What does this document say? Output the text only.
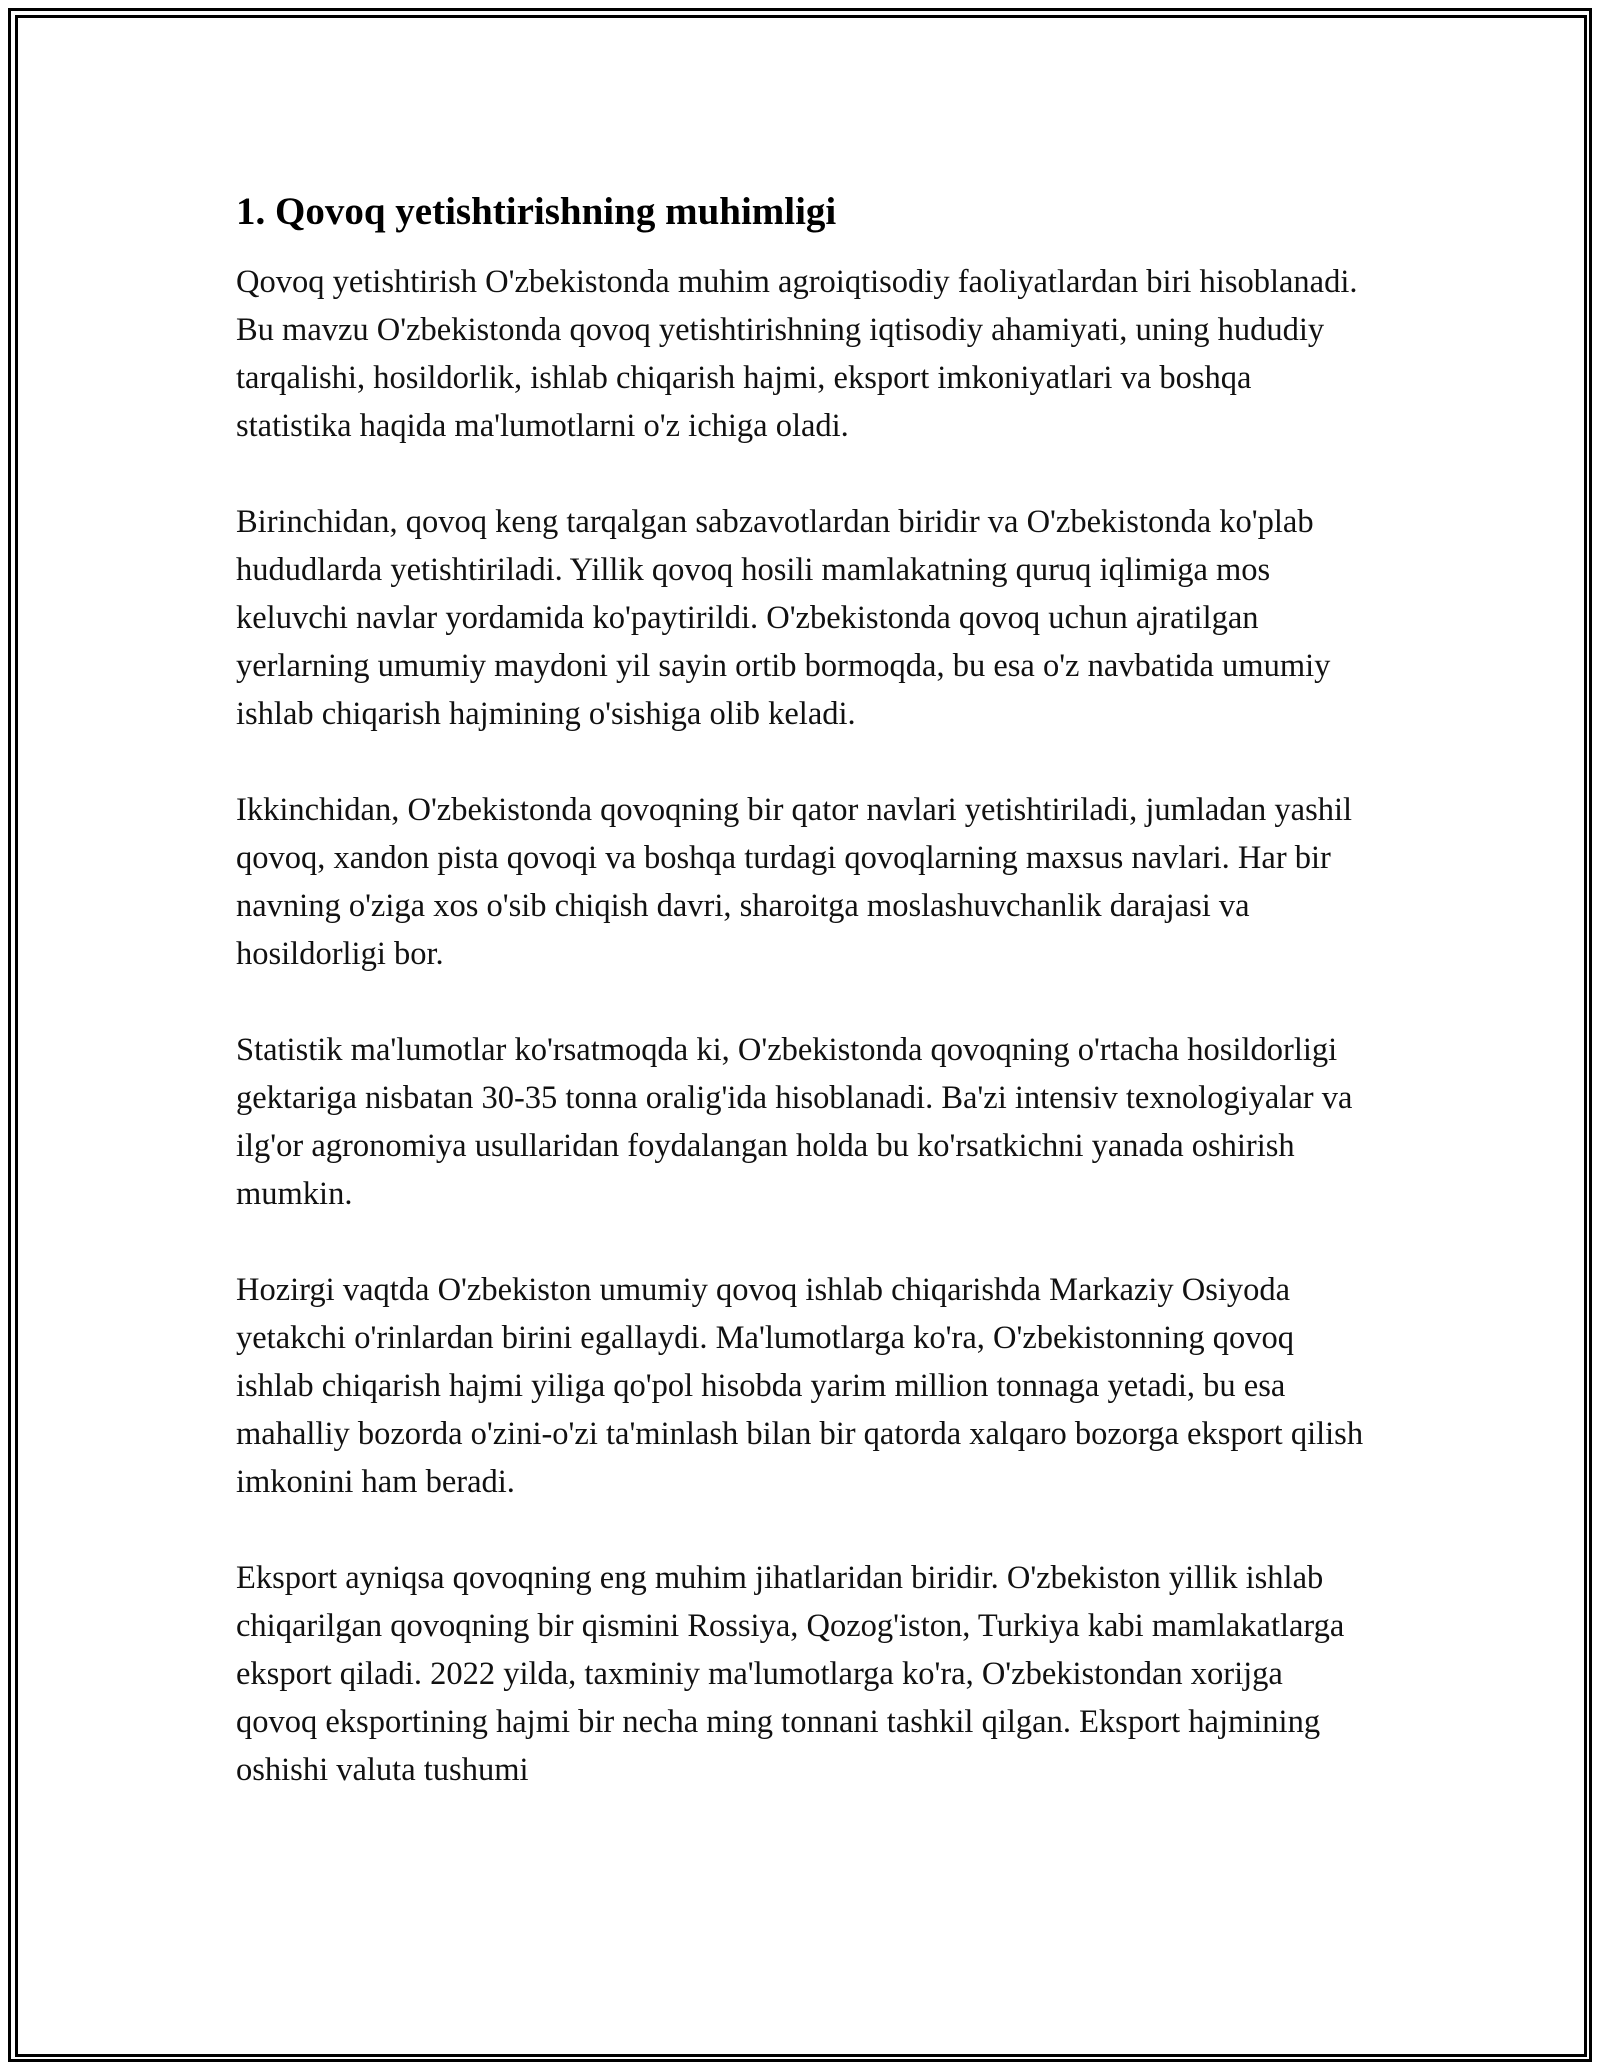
1. Qovoq yetishtirishning muhimligi

Qovoq yetishtirish O'zbekistonda muhim agroiqtisodiy faoliyatlardan biri hisoblanadi. Bu mavzu O'zbekistonda qovoq yetishtirishning iqtisodiy ahamiyati, uning hududiy tarqalishi, hosildorlik, ishlab chiqarish hajmi, eksport imkoniyatlari va boshqa statistika haqida ma'lumotlarni o'z ichiga oladi.

Birinchidan, qovoq keng tarqalgan sabzavotlardan biridir va O'zbekistonda ko'plab hududlarda yetishtiriladi. Yillik qovoq hosili mamlakatning quruq iqlimiga mos keluvchi navlar yordamida ko'paytirildi. O'zbekistonda qovoq uchun ajratilgan yerlarning umumiy maydoni yil sayin ortib bormoqda, bu esa o'z navbatida umumiy ishlab chiqarish hajmining o'sishiga olib keladi.

Ikkinchidan, O'zbekistonda qovoqning bir qator navlari yetishtiriladi, jumladan yashil qovoq, xandon pista qovoqi va boshqa turdagi qovoqlarning maxsus navlari. Har bir navning o'ziga xos o'sib chiqish davri, sharoitga moslashuvchanlik darajasi va hosildorligi bor.

Statistik ma'lumotlar ko'rsatmoqda ki, O'zbekistonda qovoqning o'rtacha hosildorligi gektariga nisbatan 30-35 tonna oralig'ida hisoblanadi. Ba'zi intensiv texnologiyalar va ilg'or agronomiya usullaridan foydalangan holda bu ko'rsatkichni yanada oshirish mumkin.

Hozirgi vaqtda O'zbekiston umumiy qovoq ishlab chiqarishda Markaziy Osiyoda yetakchi o'rinlardan birini egallaydi. Ma'lumotlarga ko'ra, O'zbekistonning qovoq ishlab chiqarish hajmi yiliga qo'pol hisobda yarim million tonnaga yetadi, bu esa mahalliy bozorda o'zini-o'zi ta'minlash bilan bir qatorda xalqaro bozorga eksport qilish imkonini ham beradi.

Eksport ayniqsa qovoqning eng muhim jihatlaridan biridir. O'zbekiston yillik ishlab chiqarilgan qovoqning bir qismini Rossiya, Qozog'iston, Turkiya kabi mamlakatlarga eksport qiladi. 2022 yilda, taxminiy ma'lumotlarga ko'ra, O'zbekistondan xorijga qovoq eksportining hajmi bir necha ming tonnani tashkil qilgan. Eksport hajmining oshishi valuta tushumi
